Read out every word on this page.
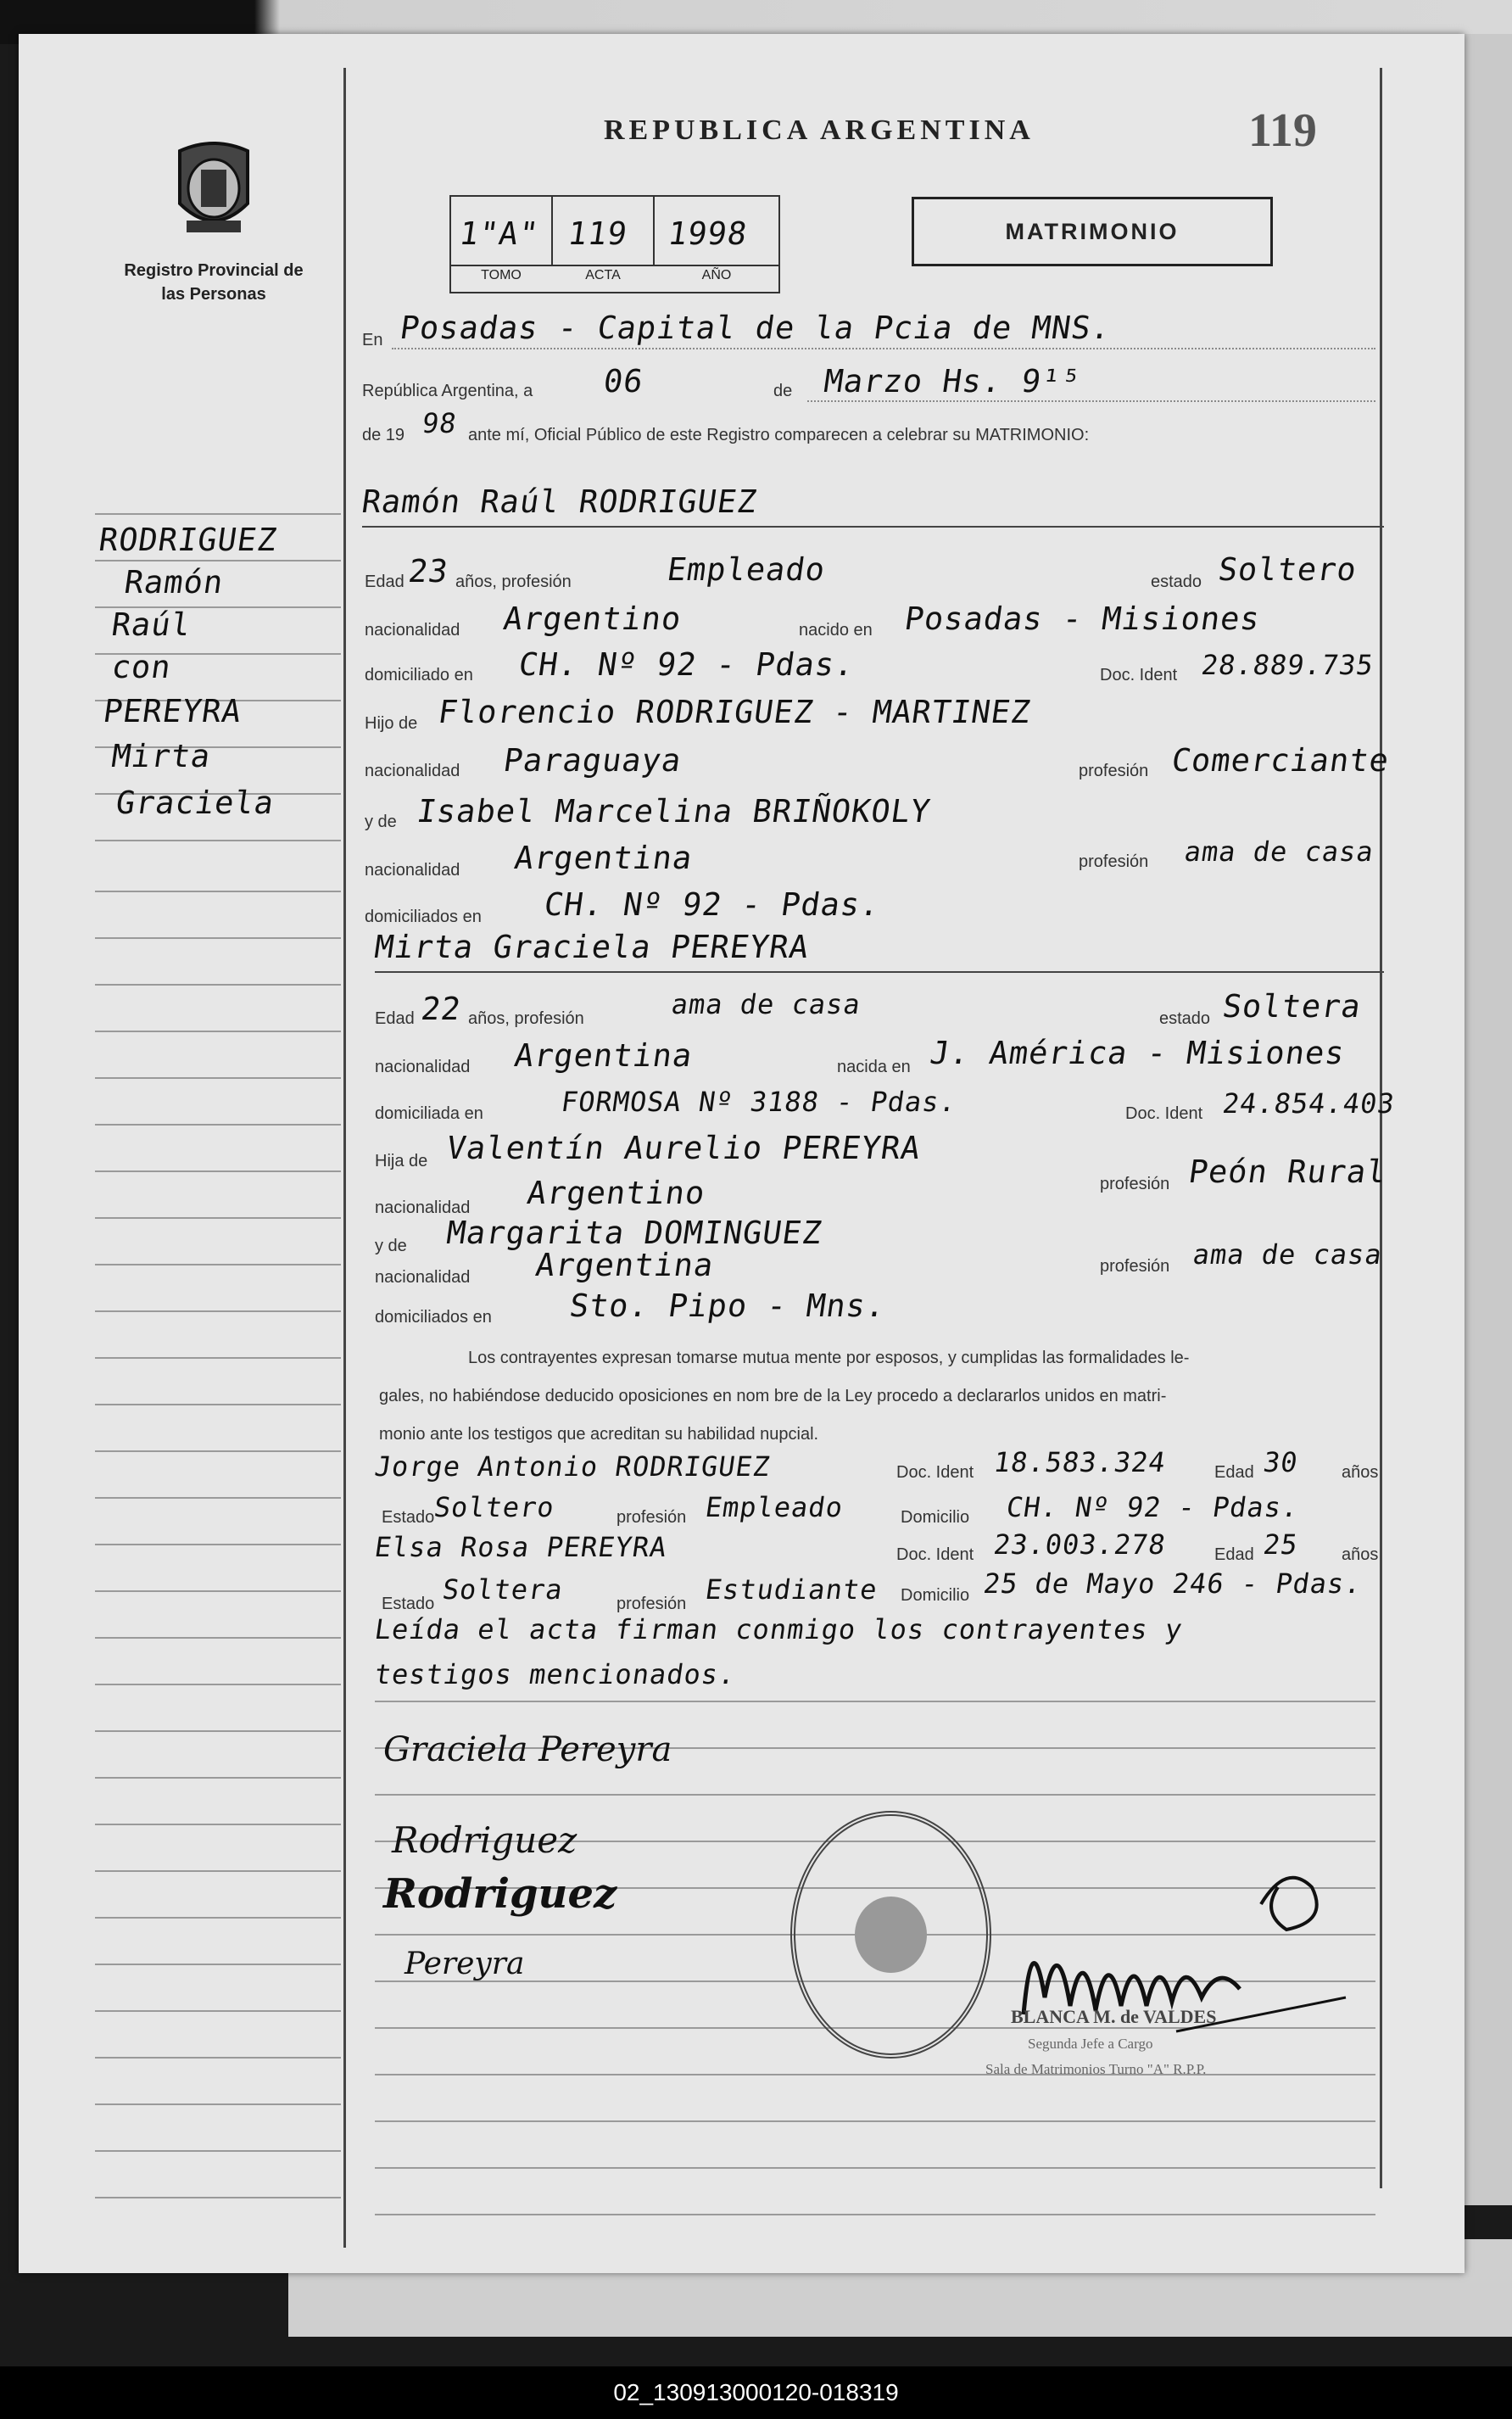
REPUBLICA ARGENTINA	119
Registro Provincial de las Personas
1"A" 119 1998
TOMO	ACTA	AÑO
MATRIMONIO
RODRIGUEZ
Ramón
Raúl
con
PEREYRA
Mirta
Graciela
En Posadas - Capital de la Pcia de MNS.
República Argentina, a 06	de Marzo Hs. 9¹⁵
de 19 98 ante mí, Oficial Público de este Registro comparecen a celebrar su MATRIMONIO:
Ramón Raúl RODRIGUEZ
Edad 23 años, profesión	Empleado	estado Soltero
nacionalidad Argentino	nacido en Posadas - Misiones
domiciliado en CH. Nº 92 - Pdas.	Doc. Ident 28.889.735
Hijo de Florencio RODRIGUEZ - MARTINEZ
nacionalidad Paraguaya	profesión Comerciante
y de Isabel Marcelina BRIÑOKOLY
nacionalidad Argentina	profesión ama de casa
domiciliados en CH. Nº 92 - Pdas.
Mirta Graciela PEREYRA
Edad 22 años, profesión	ama de casa	estado Soltera
nacionalidad Argentina	nacida en J. América - Misiones
domiciliada en	FORMOSA Nº 3188 - Pdas.	Doc. Ident 24.854.403
Hija de Valentín Aurelio PEREYRA
nacionalidad Argentino	profesión Peón Rural
y de Margarita DOMINGUEZ
nacionalidad Argentina	profesión ama de casa
domiciliados en Sto. Pipo - Mns.
Los contrayentes expresan tomarse mutua mente por esposos, y cumplidas las formalidades le-
gales, no habiéndose deducido oposiciones en nom bre de la Ley procedo a declararlos unidos en matri-
monio ante los testigos que acreditan su habilidad nupcial.
Jorge Antonio RODRIGUEZ	Doc. Ident 18.583.324	Edad 30 años
Estado
Soltero	profesión Empleado	Domicilio CH. Nº 92 - Pdas.
Elsa Rosa PEREYRA	Doc. Ident 23.003.278	Edad 25 años
Estado Soltera	profesión Estudiante Domicilio 25 de Mayo 246 - Pdas.
Leída el acta firman conmigo los contrayentes y
testigos mencionados.
Graciela Pereyra
Rodriguez
Rodriguez
Pereyra
BLANCA M. de VALDES
Segunda Jefe a Cargo
Sala de Matrimonios Turno "A" R.P.P.
02_130913000120-018319
